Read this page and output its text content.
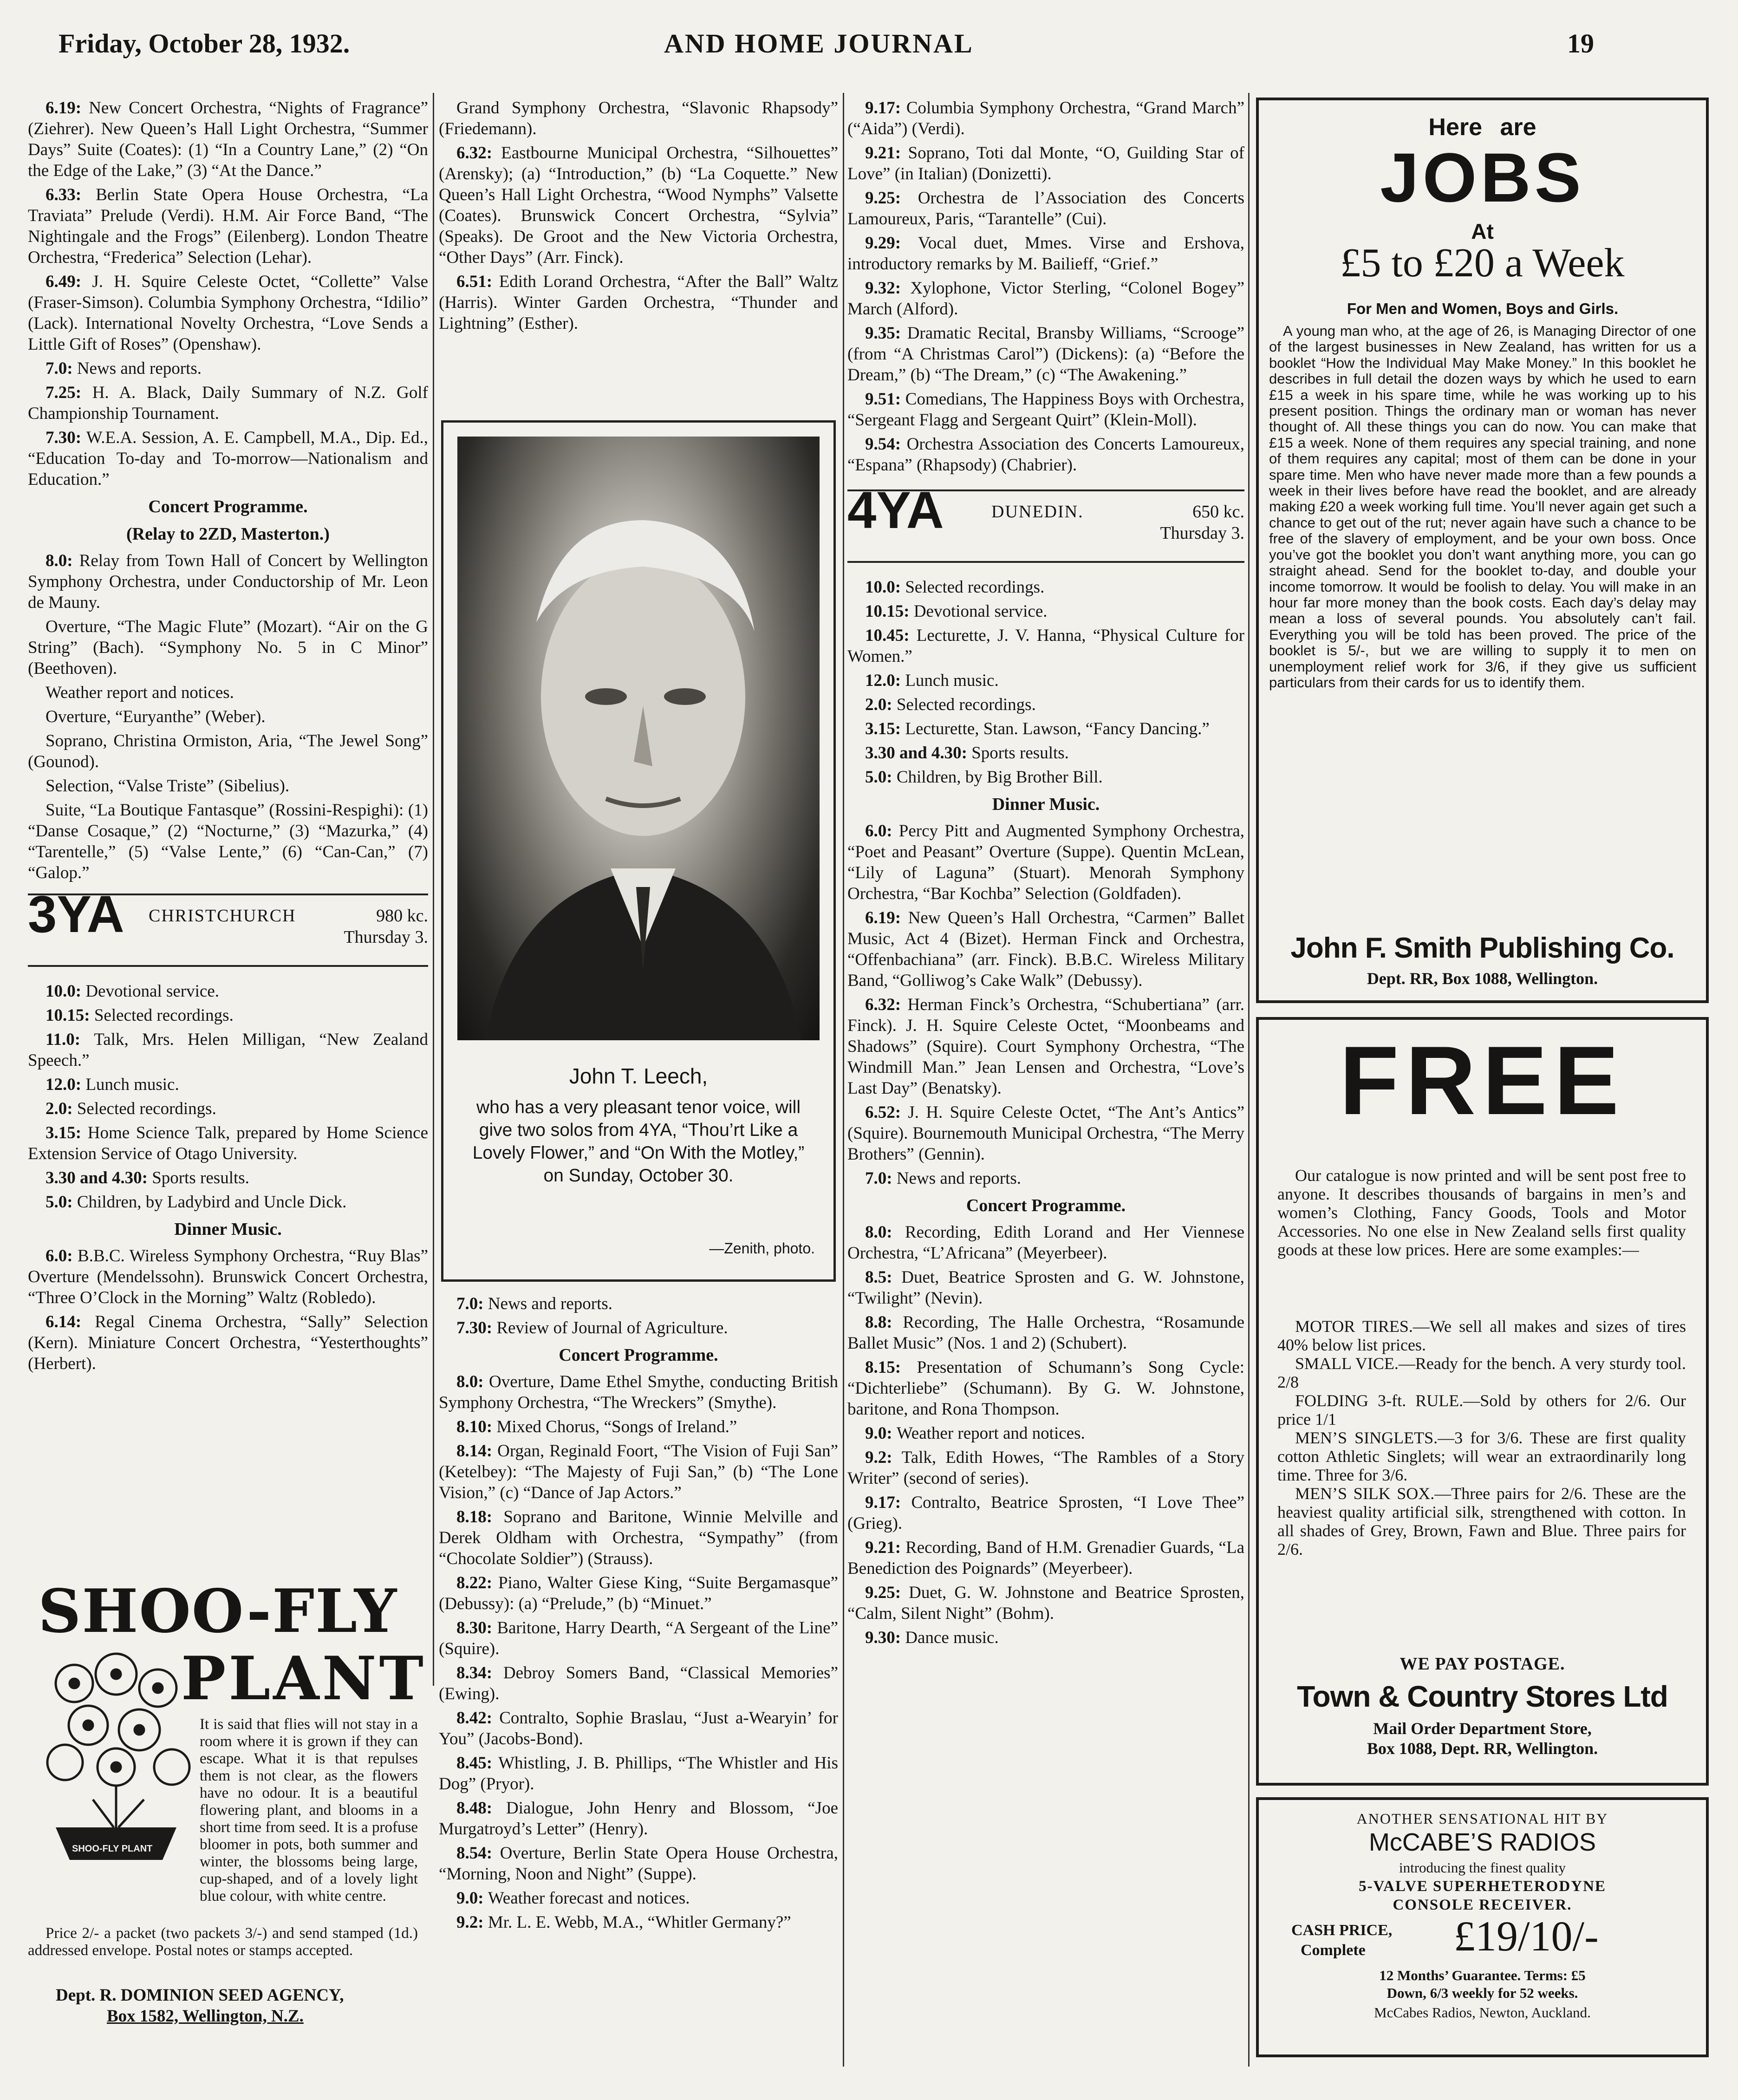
Friday, October 28, 1932.	AND HOME JOURNAL	19

6.19: New Concert Orchestra, “Nights of Fragrance” (Ziehrer). New Queen’s Hall Light Orchestra, “Summer Days” Suite (Coates): (1) “In a Country Lane,” (2) “On the Edge of the Lake,” (3) “At the Dance.”

6.33: Berlin State Opera House Orchestra, “La Traviata” Prelude (Verdi). H.M. Air Force Band, “The Nightingale and the Frogs” (Eilenberg). London Theatre Orchestra, “Frederica” Selection (Lehar).

6.49: J. H. Squire Celeste Octet, “Collette” Valse (Fraser-Simson). Columbia Symphony Orchestra, “Idilio” (Lack). International Novelty Orchestra, “Love Sends a Little Gift of Roses” (Openshaw).

7.0: News and reports.

7.25: H. A. Black, Daily Summary of N.Z. Golf Championship Tournament.

7.30: W.E.A. Session, A. E. Campbell, M.A., Dip. Ed., “Education To-day and To-morrow—Nationalism and Education.”

Concert Programme.
(Relay to 2ZD, Masterton.)

8.0: Relay from Town Hall of Concert by Wellington Symphony Orchestra, under Conductorship of Mr. Leon de Mauny.

Overture, “The Magic Flute” (Mozart). “Air on the G String” (Bach). “Symphony No. 5 in C Minor” (Beethoven).

Weather report and notices.

Overture, “Euryanthe” (Weber).

Soprano, Christina Ormiston, Aria, “The Jewel Song” (Gounod).

Selection, “Valse Triste” (Sibelius).

Suite, “La Boutique Fantasque” (Rossini-Respighi): (1) “Danse Cosaque,” (2) “Nocturne,” (3) “Mazurka,” (4) “Tarentelle,” (5) “Valse Lente,” (6) “Can-Can,” (7) “Galop.”

3YA CHRISTCHURCH	980 kc.
Thursday 3.

10.0: Devotional service.

10.15: Selected recordings.

11.0: Talk, Mrs. Helen Milligan, “New Zealand Speech.”

12.0: Lunch music.

2.0: Selected recordings.

3.15: Home Science Talk, prepared by Home Science Extension Service of Otago University.

3.30 and 4.30: Sports results.

5.0: Children, by Ladybird and Uncle Dick.

Dinner Music.

6.0: B.B.C. Wireless Symphony Orchestra, “Ruy Blas” Overture (Mendelssohn). Brunswick Concert Orchestra, “Three O’Clock in the Morning” Waltz (Robledo).

6.14: Regal Cinema Orchestra, “Sally” Selection (Kern). Miniature Concert Orchestra, “Yesterthoughts” (Herbert).

SHOO-FLY
PLANT
SHOO-FLY PLANT
It is said that flies will not stay in a room where it is grown if they can escape. What it is that repulses them is not clear, as the flowers have no odour. It is a beautiful flowering plant, and blooms in a short time from seed. It is a profuse bloomer in pots, both summer and winter, the blossoms being large, cup-shaped, and of a lovely light blue colour, with white centre.
Price 2/- a packet (two packets 3/-) and send stamped (1d.) addressed envelope. Postal notes or stamps accepted.
Dept. R. DOMINION SEED AGENCY,
Box 1582, Wellington, N.Z.

Grand Symphony Orchestra, “Slavonic Rhapsody” (Friedemann).

6.32: Eastbourne Municipal Orchestra, “Silhouettes” (Arensky); (a) “Introduction,” (b) “La Coquette.” New Queen’s Hall Light Orchestra, “Wood Nymphs” Valsette (Coates). Brunswick Concert Orchestra, “Sylvia” (Speaks). De Groot and the New Victoria Orchestra, “Other Days” (Arr. Finck).

6.51: Edith Lorand Orchestra, “After the Ball” Waltz (Harris). Winter Garden Orchestra, “Thunder and Lightning” (Esther).

John T. Leech,
who has a very pleasant tenor voice, will give two solos from 4YA, “Thou’rt Like a Lovely Flower,” and “On With the Motley,” on Sunday, October 30.
—Zenith, photo.

7.0: News and reports.

7.30: Review of Journal of Agriculture.

Concert Programme.

8.0: Overture, Dame Ethel Smythe, conducting British Symphony Orchestra, “The Wreckers” (Smythe).

8.10: Mixed Chorus, “Songs of Ireland.”

8.14: Organ, Reginald Foort, “The Vision of Fuji San” (Ketelbey): “The Majesty of Fuji San,” (b) “The Lone Vision,” (c) “Dance of Jap Actors.”

8.18: Soprano and Baritone, Winnie Melville and Derek Oldham with Orchestra, “Sympathy” (from “Chocolate Soldier”) (Strauss).

8.22: Piano, Walter Giese King, “Suite Bergamasque” (Debussy): (a) “Prelude,” (b) “Minuet.”

8.30: Baritone, Harry Dearth, “A Sergeant of the Line” (Squire).

8.34: Debroy Somers Band, “Classical Memories” (Ewing).

8.42: Contralto, Sophie Braslau, “Just a-Wearyin’ for You” (Jacobs-Bond).

8.45: Whistling, J. B. Phillips, “The Whistler and His Dog” (Pryor).

8.48: Dialogue, John Henry and Blossom, “Joe Murgatroyd’s Letter” (Henry).

8.54: Overture, Berlin State Opera House Orchestra, “Morning, Noon and Night” (Suppe).

9.0: Weather forecast and notices.

9.2: Mr. L. E. Webb, M.A., “Whitler Germany?”

9.17: Columbia Symphony Orchestra, “Grand March” (“Aida”) (Verdi).

9.21: Soprano, Toti dal Monte, “O, Guilding Star of Love” (in Italian) (Donizetti).

9.25: Orchestra de l’Association des Concerts Lamoureux, Paris, “Tarantelle” (Cui).

9.29: Vocal duet, Mmes. Virse and Ershova, introductory remarks by M. Bailieff, “Grief.”

9.32: Xylophone, Victor Sterling, “Colonel Bogey” March (Alford).

9.35: Dramatic Recital, Bransby Williams, “Scrooge” (from “A Christmas Carol”) (Dickens): (a) “Before the Dream,” (b) “The Dream,” (c) “The Awakening.”

9.51: Comedians, The Happiness Boys with Orchestra, “Sergeant Flagg and Sergeant Quirt” (Klein-Moll).

9.54: Orchestra Association des Concerts Lamoureux, “Espana” (Rhapsody) (Chabrier).

4YA	DUNEDIN.	650 kc.
Thursday 3.

10.0: Selected recordings.

10.15: Devotional service.

10.45: Lecturette, J. V. Hanna, “Physical Culture for Women.”

12.0: Lunch music.

2.0: Selected recordings.

3.15: Lecturette, Stan. Lawson, “Fancy Dancing.”

3.30 and 4.30: Sports results.

5.0: Children, by Big Brother Bill.

Dinner Music.

6.0: Percy Pitt and Augmented Symphony Orchestra, “Poet and Peasant” Overture (Suppe). Quentin McLean, “Lily of Laguna” (Stuart). Menorah Symphony Orchestra, “Bar Kochba” Selection (Goldfaden).

6.19: New Queen’s Hall Orchestra, “Carmen” Ballet Music, Act 4 (Bizet). Herman Finck and Orchestra, “Offenbachiana” (arr. Finck). B.B.C. Wireless Military Band, “Golliwog’s Cake Walk” (Debussy).

6.32: Herman Finck’s Orchestra, “Schubertiana” (arr. Finck). J. H. Squire Celeste Octet, “Moonbeams and Shadows” (Squire). Court Symphony Orchestra, “The Windmill Man.” Jean Lensen and Orchestra, “Love’s Last Day” (Benatsky).

6.52: J. H. Squire Celeste Octet, “The Ant’s Antics” (Squire). Bournemouth Municipal Orchestra, “The Merry Brothers” (Gennin).

7.0: News and reports.

Concert Programme.

8.0: Recording, Edith Lorand and Her Viennese Orchestra, “L’Africana” (Meyerbeer).

8.5: Duet, Beatrice Sprosten and G. W. Johnstone, “Twilight” (Nevin).

8.8: Recording, The Halle Orchestra, “Rosamunde Ballet Music” (Nos. 1 and 2) (Schubert).

8.15: Presentation of Schumann’s Song Cycle: “Dichterliebe” (Schumann). By G. W. Johnstone, baritone, and Rona Thompson.

9.0: Weather report and notices.

9.2: Talk, Edith Howes, “The Rambles of a Story Writer” (second of series).

9.17: Contralto, Beatrice Sprosten, “I Love Thee” (Grieg).

9.21: Recording, Band of H.M. Grenadier Guards, “La Benediction des Poignards” (Meyerbeer).

9.25: Duet, G. W. Johnstone and Beatrice Sprosten, “Calm, Silent Night” (Bohm).

9.30: Dance music.

Here are
JOBS
At
£5 to £20 a Week
For Men and Women, Boys and Girls.
A young man who, at the age of 26, is Managing Director of one of the largest businesses in New Zealand, has written for us a booklet “How the Individual May Make Money.” In this booklet he describes in full detail the dozen ways by which he used to earn £15 a week in his spare time, while he was working up to his present position. Things the ordinary man or woman has never thought of. All these things you can do now. You can make that £15 a week. None of them requires any special training, and none of them requires any capital; most of them can be done in your spare time. Men who have never made more than a few pounds a week in their lives before have read the booklet, and are already making £20 a week working full time. You’ll never again get such a chance to get out of the rut; never again have such a chance to be free of the slavery of employment, and be your own boss. Once you’ve got the booklet you don’t want anything more, you can go straight ahead. Send for the booklet to-day, and double your income tomorrow. It would be foolish to delay. You will make in an hour far more money than the book costs. Each day’s delay may mean a loss of several pounds. You absolutely can’t fail. Everything you will be told has been proved. The price of the booklet is 5/-, but we are willing to supply it to men on unemployment relief work for 3/6, if they give us sufficient particulars from their cards for us to identify them.
John F. Smith Publishing Co.
Dept. RR, Box 1088, Wellington.
FREE
Our catalogue is now printed and will be sent post free to anyone. It describes thousands of bargains in men’s and women’s Clothing, Fancy Goods, Tools and Motor Accessories. No one else in New Zealand sells first quality goods at these low prices. Here are some examples:—
MOTOR TIRES.—We sell all makes and sizes of tires 40% below list prices.
SMALL VICE.—Ready for the bench. A very sturdy tool. 2/8
FOLDING 3-ft. RULE.—Sold by others for 2/6. Our price 1/1
MEN’S SINGLETS.—3 for 3/6. These are first quality cotton Athletic Singlets; will wear an extraordinarily long time. Three for 3/6.
MEN’S SILK SOX.—Three pairs for 2/6. These are the heaviest quality artificial silk, strengthened with cotton. In all shades of Grey, Brown, Fawn and Blue. Three pairs for 2/6.
WE PAY POSTAGE.
Town & Country Stores Ltd
Mail Order Department Store,
Box 1088, Dept. RR, Wellington.
ANOTHER SENSATIONAL HIT BY
McCABE’S RADIOS
introducing the finest quality
5-VALVE SUPERHETERODYNE
CONSOLE RECEIVER.
CASH PRICE,
Complete £19/10/-
12 Months’ Guarantee. Terms: £5
Down, 6/3 weekly for 52 weeks.
McCabes Radios, Newton, Auckland.
